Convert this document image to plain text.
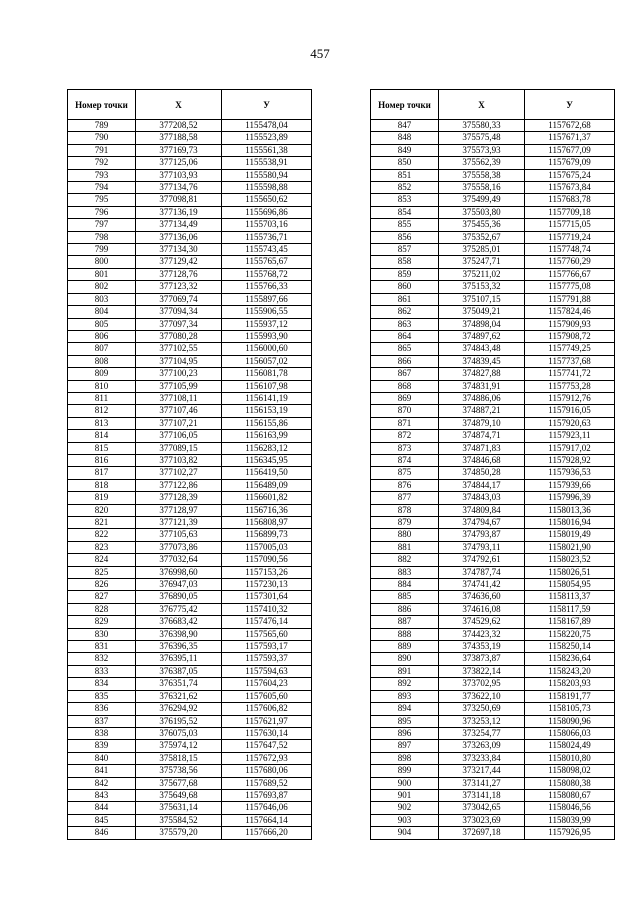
457
Номер точки	Х	У
789	377208,52	1155478,04
790	377188,58	1155523,89
791	377169,73	1155561,38
792	377125,06	1155538,91
793	377103,93	1155580,94
794	377134,76	1155598,88
795	377098,81	1155650,62
796	377136,19	1155696,86
797	377134,49	1155703,16
798	377136,06	1155736,71
799	377134,30	1155743,45
800	377129,42	1155765,67
801	377128,76	1155768,72
802	377123,32	1155766,33
803	377069,74	1155897,66
804	377094,34	1155906,55
805	377097,34	1155937,12
806	377080,28	1155993,90
807	377102,55	1156000,60
808	377104,95	1156057,02
809	377100,23	1156081,78
810	377105,99	1156107,98
811	377108,11	1156141,19
812	377107,46	1156153,19
813	377107,21	1156155,86
814	377106,05	1156163,99
815	377089,15	1156283,12
816	377103,82	1156345,95
817	377102,27	1156419,50
818	377122,86	1156489,09
819	377128,39	1156601,82
820	377128,97	1156716,36
821	377121,39	1156808,97
822	377105,63	1156899,73
823	377073,86	1157005,03
824	377032,64	1157090,56
825	376998,60	1157153,26
826	376947,03	1157230,13
827	376890,05	1157301,64
828	376775,42	1157410,32
829	376683,42	1157476,14
830	376398,90	1157565,60
831	376396,35	1157593,17
832	376395,11	1157593,37
833	376387,05	1157594,63
834	376351,74	1157604,23
835	376321,62	1157605,60
836	376294,92	1157606,82
837	376195,52	1157621,97
838	376075,03	1157630,14
839	375974,12	1157647,52
840	375818,15	1157672,93
841	375738,56	1157680,06
842	375677,68	1157689,52
843	375649,68	1157693,87
844	375631,14	1157646,06
845	375584,52	1157664,14
846	375579,20	1157666,20
Номер точки	Х	У
847	375580,33	1157672,68
848	375575,48	1157671,37
849	375573,93	1157677,09
850	375562,39	1157679,09
851	375558,38	1157675,24
852	375558,16	1157673,84
853	375499,49	1157683,78
854	375503,80	1157709,18
855	375455,36	1157715,05
856	375352,67	1157719,24
857	375285,01	1157748,74
858	375247,71	1157760,29
859	375211,02	1157766,67
860	375153,32	1157775,08
861	375107,15	1157791,88
862	375049,21	1157824,46
863	374898,04	1157909,93
864	374897,62	1157908,72
865	374843,48	1157749,25
866	374839,45	1157737,68
867	374827,88	1157741,72
868	374831,91	1157753,28
869	374886,06	1157912,76
870	374887,21	1157916,05
871	374879,10	1157920,63
872	374874,71	1157923,11
873	374871,83	1157917,02
874	374846,68	1157928,92
875	374850,28	1157936,53
876	374844,17	1157939,66
877	374843,03	1157996,39
878	374809,84	1158013,36
879	374794,67	1158016,94
880	374793,87	1158019,49
881	374793,11	1158021,90
882	374792,61	1158023,52
883	374787,74	1158026,51
884	374741,42	1158054,95
885	374636,60	1158113,37
886	374616,08	1158117,59
887	374529,62	1158167,89
888	374423,32	1158220,75
889	374353,19	1158250,14
890	373873,87	1158236,64
891	373822,14	1158243,20
892	373702,95	1158203,93
893	373622,10	1158191,77
894	373250,69	1158105,73
895	373253,12	1158090,96
896	373254,77	1158066,03
897	373263,09	1158024,49
898	373233,84	1158010,80
899	373217,44	1158098,02
900	373141,27	1158080,38
901	373141,18	1158080,67
902	373042,65	1158046,56
903	373023,69	1158039,99
904	372697,18	1157926,95
